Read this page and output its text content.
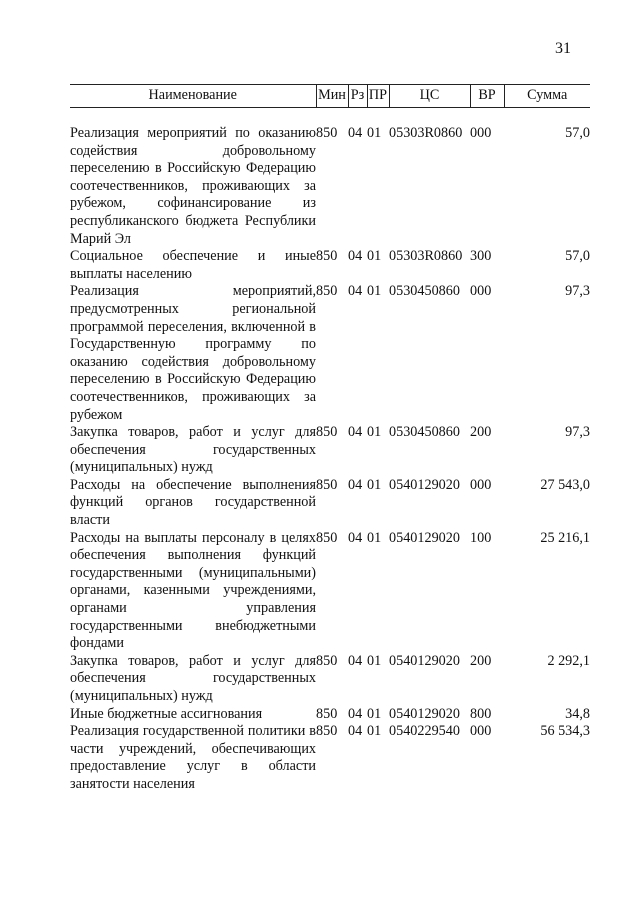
31
Наименование	Мин	Рз	ПР	ЦС	ВР	Сумма
Реализация мероприятий по оказанию содействия добровольному переселению в Российскую Федерацию соотечественников, проживающих за рубежом, софинансирование из республиканского бюджета Республики Марий Эл	850	04	01	05303R0860	000	57,0
Социальное обеспечение и иные выплаты населению	850	04	01	05303R0860	300	57,0
Реализация мероприятий, предусмотренных региональной программой переселения, включенной в Государственную программу по оказанию содействия добровольному переселению в Российскую Федерацию соотечественников, проживающих за рубежом	850	04	01	0530450860	000	97,3
Закупка товаров, работ и услуг для обеспечения государственных (муниципальных) нужд	850	04	01	0530450860	200	97,3
Расходы на обеспечение выполнения функций органов государственной власти	850	04	01	0540129020	000	27 543,0
Расходы на выплаты персоналу в целях обеспечения выполнения функций государственными (муниципальными) органами, казенными учреждениями, органами управления государственными внебюджетными фондами	850	04	01	0540129020	100	25 216,1
Закупка товаров, работ и услуг для обеспечения государственных (муниципальных) нужд	850	04	01	0540129020	200	2 292,1
Иные бюджетные ассигнования	850	04	01	0540129020	800	34,8
Реализация государственной политики в части учреждений, обеспечивающих предоставление услуг в области занятости населения	850	04	01	0540229540	000	56 534,3
